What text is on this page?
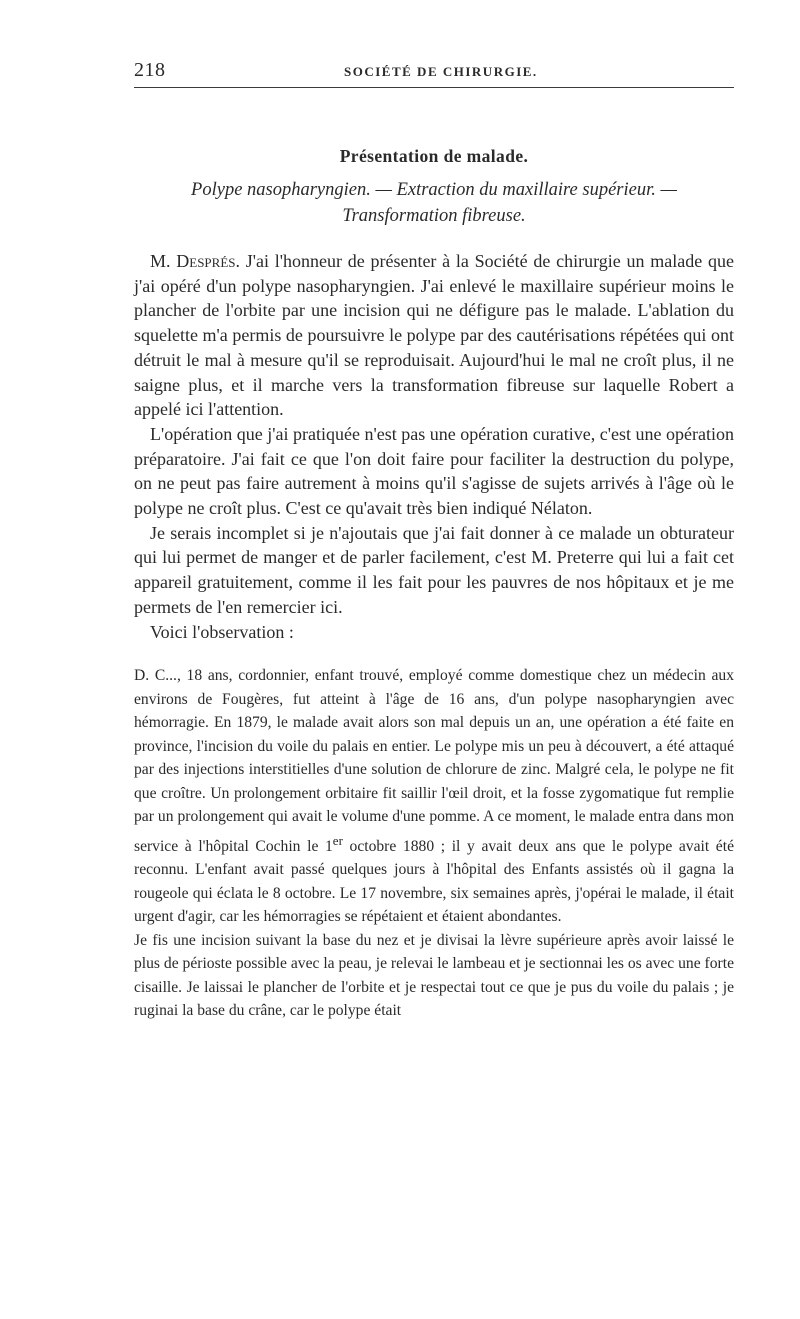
218	SOCIÉTÉ DE CHIRURGIE.
Présentation de malade.
Polype nasopharyngien. — Extraction du maxillaire supérieur. —
Transformation fibreuse.

M. Després. J'ai l'honneur de présenter à la Société de chirurgie un malade que j'ai opéré d'un polype nasopharyngien. J'ai enlevé le maxillaire supérieur moins le plancher de l'orbite par une incision qui ne défigure pas le malade. L'ablation du squelette m'a permis de poursuivre le polype par des cautérisations répétées qui ont détruit le mal à mesure qu'il se reproduisait. Aujourd'hui le mal ne croît plus, il ne saigne plus, et il marche vers la transformation fibreuse sur laquelle Robert a appelé ici l'attention.

L'opération que j'ai pratiquée n'est pas une opération curative, c'est une opération préparatoire. J'ai fait ce que l'on doit faire pour faciliter la destruction du polype, on ne peut pas faire autrement à moins qu'il s'agisse de sujets arrivés à l'âge où le polype ne croît plus. C'est ce qu'avait très bien indiqué Nélaton.

Je serais incomplet si je n'ajoutais que j'ai fait donner à ce malade un obturateur qui lui permet de manger et de parler facilement, c'est M. Preterre qui lui a fait cet appareil gratuitement, comme il les fait pour les pauvres de nos hôpitaux et je me permets de l'en remercier ici.

Voici l'observation :

D. C..., 18 ans, cordonnier, enfant trouvé, employé comme domestique chez un médecin aux environs de Fougères, fut atteint à l'âge de 16 ans, d'un polype nasopharyngien avec hémorragie. En 1879, le malade avait alors son mal depuis un an, une opération a été faite en province, l'incision du voile du palais en entier. Le polype mis un peu à découvert, a été attaqué par des injections interstitielles d'une solution de chlorure de zinc. Malgré cela, le polype ne fit que croître. Un prolongement orbitaire fit saillir l'œil droit, et la fosse zygomatique fut remplie par un prolongement qui avait le volume d'une pomme. A ce moment, le malade entra dans mon service à l'hôpital Cochin le 1er octobre 1880 ; il y avait deux ans que le polype avait été reconnu. L'enfant avait passé quelques jours à l'hôpital des Enfants assistés où il gagna la rougeole qui éclata le 8 octobre. Le 17 novembre, six semaines après, j'opérai le malade, il était urgent d'agir, car les hémorragies se répétaient et étaient abondantes.

Je fis une incision suivant la base du nez et je divisai la lèvre supérieure après avoir laissé le plus de périoste possible avec la peau, je relevai le lambeau et je sectionnai les os avec une forte cisaille. Je laissai le plancher de l'orbite et je respectai tout ce que je pus du voile du palais ; je ruginai la base du crâne, car le polype était
